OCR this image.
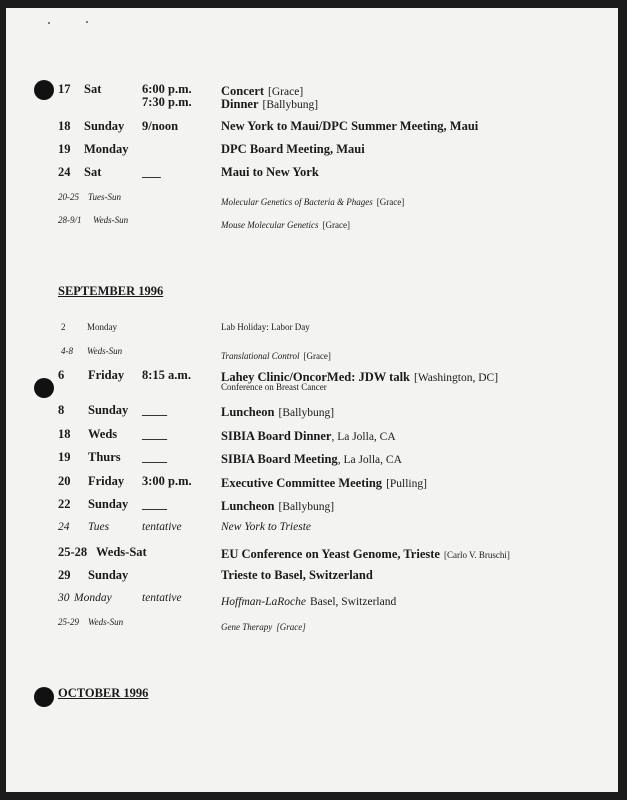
17 Sat	6:00 p.m. Concert [Grace]
7:30 p.m. Dinner [Ballybung]
18 Sunday 9/noon	New York to Maui/DPC Summer Meeting, Maui
19 Monday	DPC Board Meeting, Maui
24 Sat	___	Maui to New York
20-25 Tues-Sun	Molecular Genetics of Bacteria & Phages [Grace]
28-9/1 Weds-Sun	Mouse Molecular Genetics [Grace]
SEPTEMBER 1996
2 Monday	Lab Holiday: Labor Day
4-8 Weds-Sun	Translational Control [Grace]
6 Friday 8:15 a.m. Lahey Clinic/OncorMed: JDW talk [Washington, DC]
Conference on Breast Cancer
8 Sunday ____	Luncheon [Ballybung]
18 Weds ____	SIBIA Board Dinner, La Jolla, CA
19 Thurs ____	SIBIA Board Meeting, La Jolla, CA
20 Friday 3:00 p.m. Executive Committee Meeting [Pulling]
22 Sunday ____	Luncheon [Ballybung]
24 Tues	tentative	New York to Trieste
25-28 Weds-Sat	EU Conference on Yeast Genome, Trieste [Carlo V. Bruschi]
29 Sunday	Trieste to Basel, Switzerland
30 Monday	tentative	Hoffman-LaRoche Basel, Switzerland
25-29 Weds-Sun	Gene Therapy [Grace]
OCTOBER 1996
